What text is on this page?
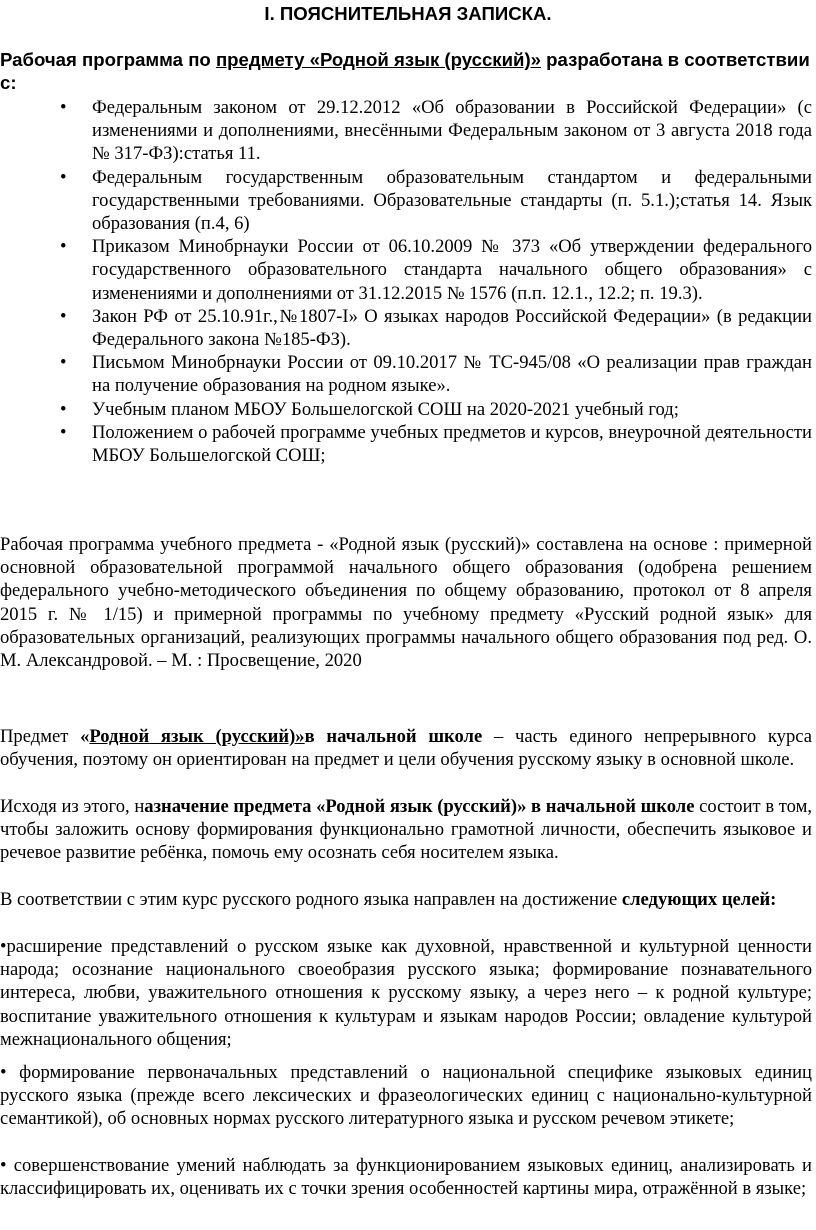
I. ПОЯСНИТЕЛЬНАЯ ЗАПИСКА.
Рабочая программа по предмету «Родной язык (русский)» разработана в соответствии с:
• Федеральным законом от 29.12.2012 «Об образовании в Российской Федерации» (с изменениями и дополнениями, внесёнными Федеральным законом от 3 августа 2018 года № 317-ФЗ):статья 11.
• Федеральным государственным образовательным стандартом и федеральными государственными требованиями. Образовательные стандарты (п. 5.1.);статья 14. Язык образования (п.4, 6)
• Приказом Минобрнауки России от 06.10.2009 № 373 «Об утверждении федерального государственного образовательного стандарта начального общего образования» с изменениями и дополнениями от 31.12.2015 № 1576 (п.п. 12.1., 12.2; п. 19.3).
• Закон РФ от 25.10.91г.,№1807-I» О языках народов Российской Федерации» (в редакции Федерального закона №185-ФЗ).
• Письмом Минобрнауки России от 09.10.2017 № ТС-945/08 «О реализации прав граждан на получение образования на родном языке».
• Учебным планом МБОУ Большелогской СОШ на 2020-2021 учебный год;
• Положением о рабочей программе учебных предметов и курсов, внеурочной деятельности МБОУ Большелогской СОШ;
Рабочая программа учебного предмета - «Родной язык (русский)» составлена на основе : примерной основной образовательной программой начального общего образования (одобрена решением федерального учебно-методического объединения по общему образованию, протокол от 8 апреля 2015 г. № 1/15) и примерной программы по учебному предмету «Русский родной язык» для образовательных организаций, реализующих программы начального общего образования под ред. О. М. Александровой. – М. : Просвещение, 2020
Предмет «Родной язык (русский)»в начальной школе – часть единого непрерывного курса обучения, поэтому он ориентирован на предмет и цели обучения русскому языку в основной школе.
Исходя из этого, назначение предмета «Родной язык (русский)» в начальной школе состоит в том, чтобы заложить основу формирования функционально грамотной личности, обеспечить языковое и речевое развитие ребёнка, помочь ему осознать себя носителем языка.
В соответствии с этим курс русского родного языка направлен на достижение следующих целей:
•расширение представлений о русском языке как духовной, нравственной и культурной ценности народа; осознание национального своеобразия русского языка; формирование познавательного интереса, любви, уважительного отношения к русскому языку, а через него – к родной культуре; воспитание уважительного отношения к культурам и языкам народов России; овладение культурой межнационального общения;
• формирование первоначальных представлений о национальной специфике языковых единиц русского языка (прежде всего лексических и фразеологических единиц с национально-культурной семантикой), об основных нормах русского литературного языка и русском речевом этикете;
• совершенствование умений наблюдать за функционированием языковых единиц, анализировать и классифицировать их, оценивать их с точки зрения особенностей картины мира, отражённой в языке;
